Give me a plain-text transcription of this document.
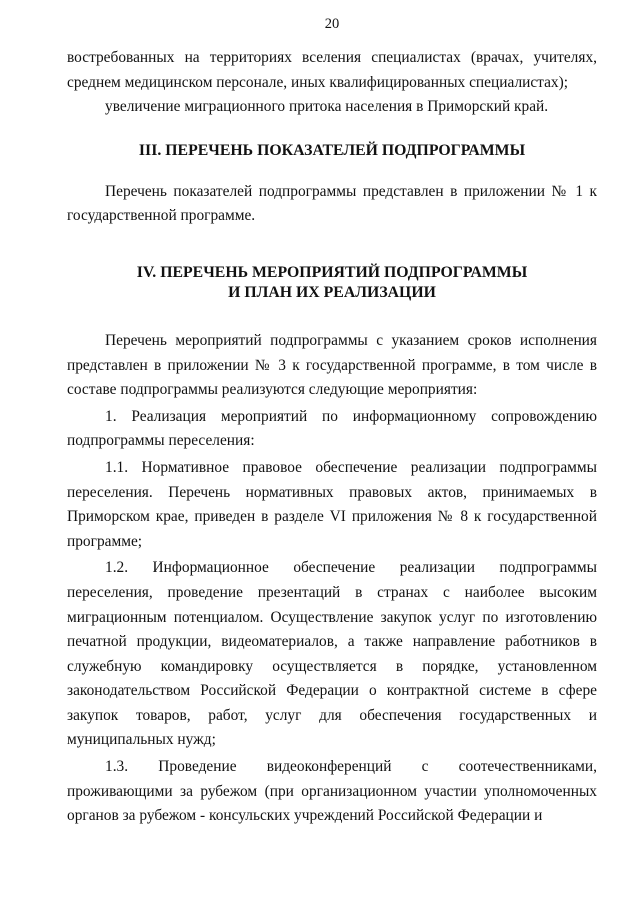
20

востребованных на территориях вселения специалистах (врачах, учителях, среднем медицинском персонале, иных квалифицированных специалистах);

увеличение миграционного притока населения в Приморский край.

III. ПЕРЕЧЕНЬ ПОКАЗАТЕЛЕЙ ПОДПРОГРАММЫ

Перечень показателей подпрограммы представлен в приложении № 1 к государственной программе.

IV. ПЕРЕЧЕНЬ МЕРОПРИЯТИЙ ПОДПРОГРАММЫ
И ПЛАН ИХ РЕАЛИЗАЦИИ

Перечень мероприятий подпрограммы с указанием сроков исполнения представлен в приложении № 3 к государственной программе, в том числе в составе подпрограммы реализуются следующие мероприятия:

1. Реализация мероприятий по информационному сопровождению подпрограммы переселения:

1.1. Нормативное правовое обеспечение реализации подпрограммы переселения. Перечень нормативных правовых актов, принимаемых в Приморском крае, приведен в разделе VI приложения № 8 к государственной программе;

1.2. Информационное обеспечение реализации подпрограммы переселения, проведение презентаций в странах с наиболее высоким миграционным потенциалом. Осуществление закупок услуг по изготовлению печатной продукции, видеоматериалов, а также направление работников в служебную командировку осуществляется в порядке, установленном законодательством Российской Федерации о контрактной системе в сфере закупок товаров, работ, услуг для обеспечения государственных и муниципальных нужд;

1.3. Проведение видеоконференций с соотечественниками, проживающими за рубежом (при организационном участии уполномоченных органов за рубежом - консульских учреждений Российской Федерации и
